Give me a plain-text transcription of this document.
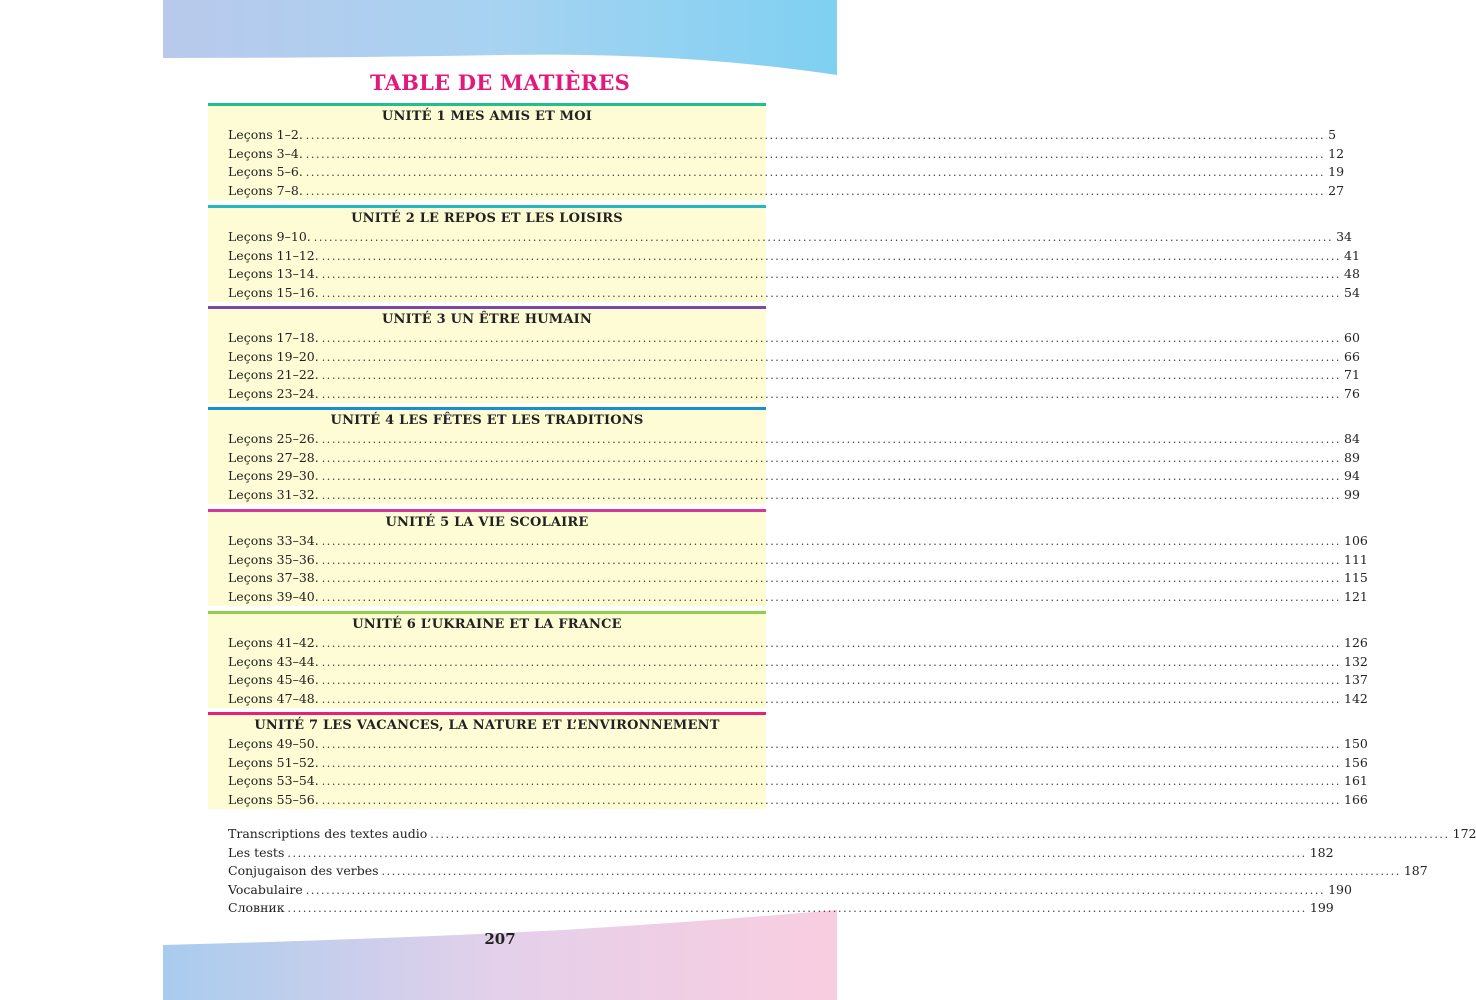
TABLE DE MATIÈRES
UNITÉ 1 MES AMIS ET MOI
Leçons 1–2. ........................................................................................................................................................................................................ 5
Leçons 3–4. ........................................................................................................................................................................................................ 12
Leçons 5–6. ........................................................................................................................................................................................................ 19
Leçons 7–8. ........................................................................................................................................................................................................ 27
UNITÉ 2 LE REPOS ET LES LOISIRS
Leçons 9–10. ........................................................................................................................................................................................................ 34
Leçons 11–12. ........................................................................................................................................................................................................ 41
Leçons 13–14. ........................................................................................................................................................................................................ 48
Leçons 15–16. ........................................................................................................................................................................................................ 54
UNITÉ 3 UN ÊTRE HUMAIN
Leçons 17–18. ........................................................................................................................................................................................................ 60
Leçons 19–20. ........................................................................................................................................................................................................ 66
Leçons 21–22. ........................................................................................................................................................................................................ 71
Leçons 23–24. ........................................................................................................................................................................................................ 76
UNITÉ 4 LES FÊTES ET LES TRADITIONS
Leçons 25–26. ........................................................................................................................................................................................................ 84
Leçons 27–28. ........................................................................................................................................................................................................ 89
Leçons 29–30. ........................................................................................................................................................................................................ 94
Leçons 31–32. ........................................................................................................................................................................................................ 99
UNITÉ 5 LA VIE SCOLAIRE
Leçons 33–34. ........................................................................................................................................................................................................ 106
Leçons 35–36. ........................................................................................................................................................................................................ 111
Leçons 37–38. ........................................................................................................................................................................................................ 115
Leçons 39–40. ........................................................................................................................................................................................................ 121
UNITÉ 6 L’UKRAINE ET LA FRANCE
Leçons 41–42. ........................................................................................................................................................................................................ 126
Leçons 43–44. ........................................................................................................................................................................................................ 132
Leçons 45–46. ........................................................................................................................................................................................................ 137
Leçons 47–48. ........................................................................................................................................................................................................ 142
UNITÉ 7 LES VACANCES, LA NATURE ET L’ENVIRONNEMENT
Leçons 49–50. ........................................................................................................................................................................................................ 150
Leçons 51–52. ........................................................................................................................................................................................................ 156
Leçons 53–54. ........................................................................................................................................................................................................ 161
Leçons 55–56. ........................................................................................................................................................................................................ 166
Transcriptions des textes audio ........................................................................................................................................................................................................ 172
Les tests ........................................................................................................................................................................................................ 182
Conjugaison des verbes ........................................................................................................................................................................................................ 187
Vocabulaire ........................................................................................................................................................................................................ 190
Словник ........................................................................................................................................................................................................ 199
207
